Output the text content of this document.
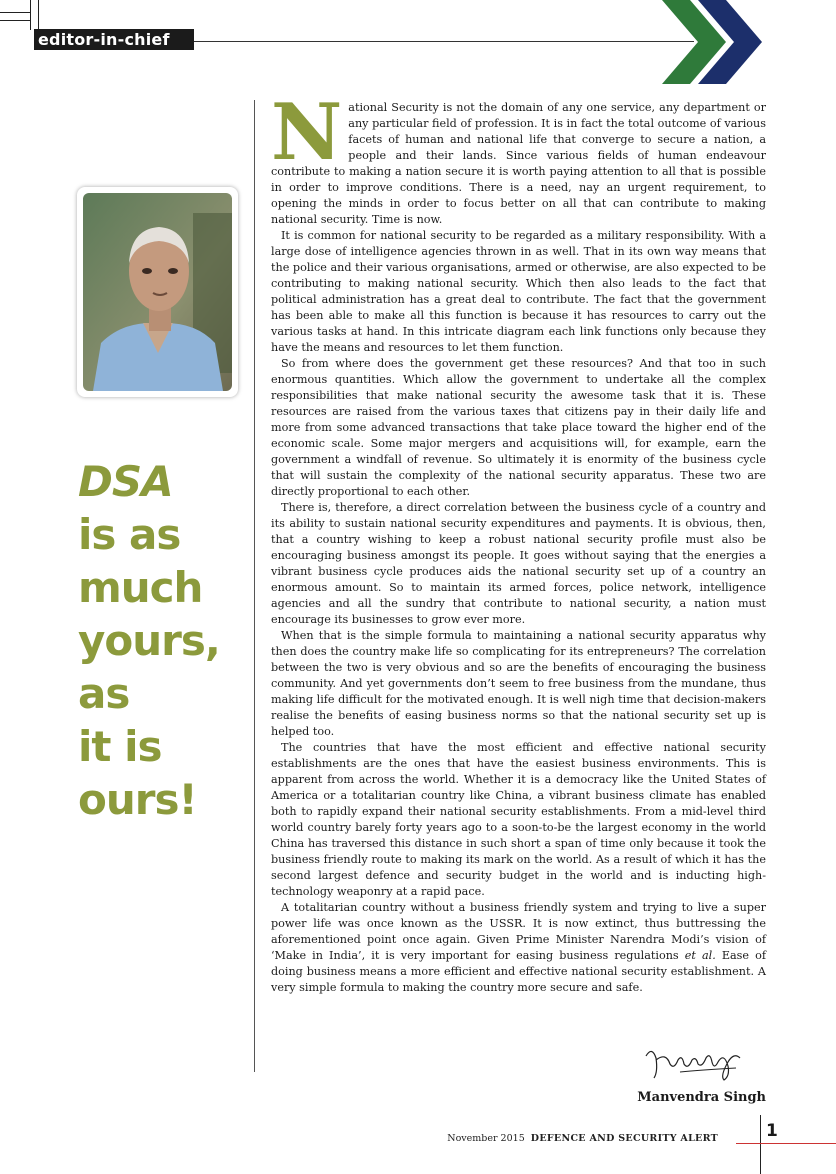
editor-in-chief
DSA
is as
much
yours,
as
it is
ours!

National Security is not the domain of any one service, any department or any particular field of profession. It is in fact the total outcome of various facets of human and national life that converge to secure a nation, a people and their lands. Since various fields of human endeavour contribute to making a nation secure it is worth paying attention to all that is possible in order to improve conditions. There is a need, nay an urgent requirement, to opening the minds in order to focus better on all that can contribute to making national security. Time is now.

It is common for national security to be regarded as a military responsibility. With a large dose of intelligence agencies thrown in as well. That in its own way means that the police and their various organisations, armed or otherwise, are also expected to be contributing to making national security. Which then also leads to the fact that political administration has a great deal to contribute. The fact that the government has been able to make all this function is because it has resources to carry out the various tasks at hand. In this intricate diagram each link functions only because they have the means and resources to let them function.

So from where does the government get these resources? And that too in such enormous quantities. Which allow the government to undertake all the complex responsibilities that make national security the awesome task that it is. These resources are raised from the various taxes that citizens pay in their daily life and more from some advanced transactions that take place toward the higher end of the economic scale. Some major mergers and acquisitions will, for example, earn the government a windfall of revenue. So ultimately it is enormity of the business cycle that will sustain the complexity of the national security apparatus. These two are directly proportional to each other.

There is, therefore, a direct correlation between the business cycle of a country and its ability to sustain national security expenditures and payments. It is obvious, then, that a country wishing to keep a robust national security profile must also be encouraging business amongst its people. It goes without saying that the energies a vibrant business cycle produces aids the national security set up of a country an enormous amount. So to maintain its armed forces, police network, intelligence agencies and all the sundry that contribute to national security, a nation must encourage its businesses to grow ever more.

When that is the simple formula to maintaining a national security apparatus why then does the country make life so complicating for its entrepreneurs? The correlation between the two is very obvious and so are the benefits of encouraging the business community. And yet governments don’t seem to free business from the mundane, thus making life difficult for the motivated enough. It is well nigh time that decision-makers realise the benefits of easing business norms so that the national security set up is helped too.

The countries that have the most efficient and effective national security establishments are the ones that have the easiest business environments. This is apparent from across the world. Whether it is a democracy like the United States of America or a totalitarian country like China, a vibrant business climate has enabled both to rapidly expand their national security establishments. From a mid-level third world country barely forty years ago to a soon-to-be the largest economy in the world China has traversed this distance in such short a span of time only because it took the business friendly route to making its mark on the world. As a result of which it has the second largest defence and security budget in the world and is inducting high-technology weaponry at a rapid pace.

A totalitarian country without a business friendly system and trying to live a super power life was once known as the USSR. It is now extinct, thus buttressing the aforementioned point once again. Given Prime Minister Narendra Modi’s vision of ‘Make in India’, it is very important for easing business regulations et al. Ease of doing business means a more efficient and effective national security establishment. A very simple formula to making the country more secure and safe.

Manvendra Singh
November 2015 DEFENCE AND SECURITY ALERT	1
